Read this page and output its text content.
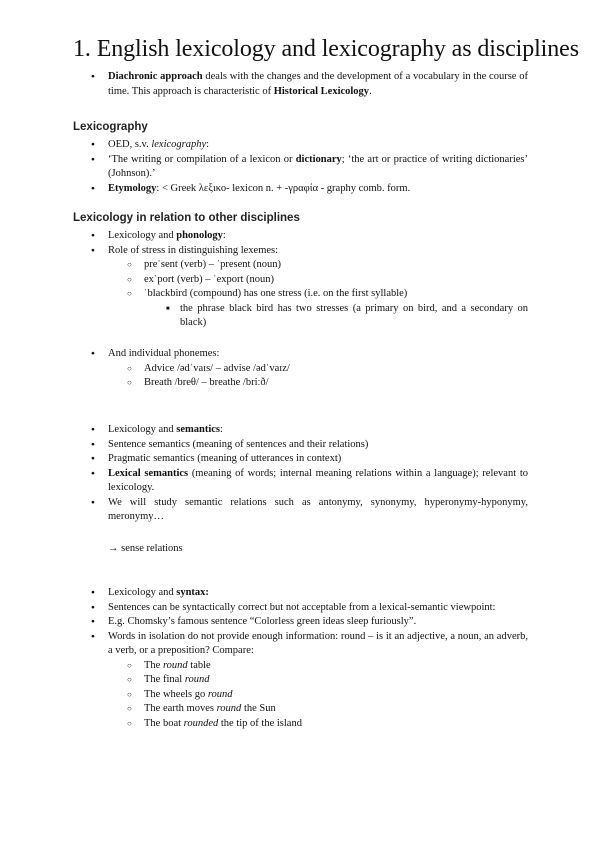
1. English lexicology and lexicography as disciplines
● Diachronic approach deals with the changes and the development of a vocabulary in the course of time. This approach is characteristic of Historical Lexicology.
Lexicography
● OED, s.v. lexicography:
● ‘The writing or compilation of a lexicon or dictionary; ‘the art or practice of writing dictionaries’ (Johnson).’
● Etymology: < Greek λεξικο- lexicon n. + -γραφία - graphy comb. form.
Lexicology in relation to other disciplines
● Lexicology and phonology:
● Role of stress in distinguishing lexemes:
○ preˈsent (verb) – ˈpresent (noun)
○ exˈport (verb) – ˈexport (noun)
○ ˈblackbird (compound) has one stress (i.e. on the first syllable)
■ the phrase black bird has two stresses (a primary on bird, and a secondary on black)
● And individual phonemes:
○ Advice /ədˈvaɪs/ – advise /ədˈvaɪz/
○ Breath /breθ/ – breathe /briːð/
● Lexicology and semantics:
● Sentence semantics (meaning of sentences and their relations)
● Pragmatic semantics (meaning of utterances in context)
● Lexical semantics (meaning of words; internal meaning relations within a language); relevant to lexicology.
● We will study semantic relations such as antonymy, synonymy, hyperonymy-hyponymy, meronymy…
→ sense relations
● Lexicology and syntax:
● Sentences can be syntactically correct but not acceptable from a lexical-semantic viewpoint:
● E.g. Chomsky’s famous sentence “Colorless green ideas sleep furiously”.
● Words in isolation do not provide enough information: round – is it an adjective, a noun, an adverb, a verb, or a preposition? Compare:
○ The round table
○ The final round
○ The wheels go round
○ The earth moves round the Sun
○ The boat rounded the tip of the island
